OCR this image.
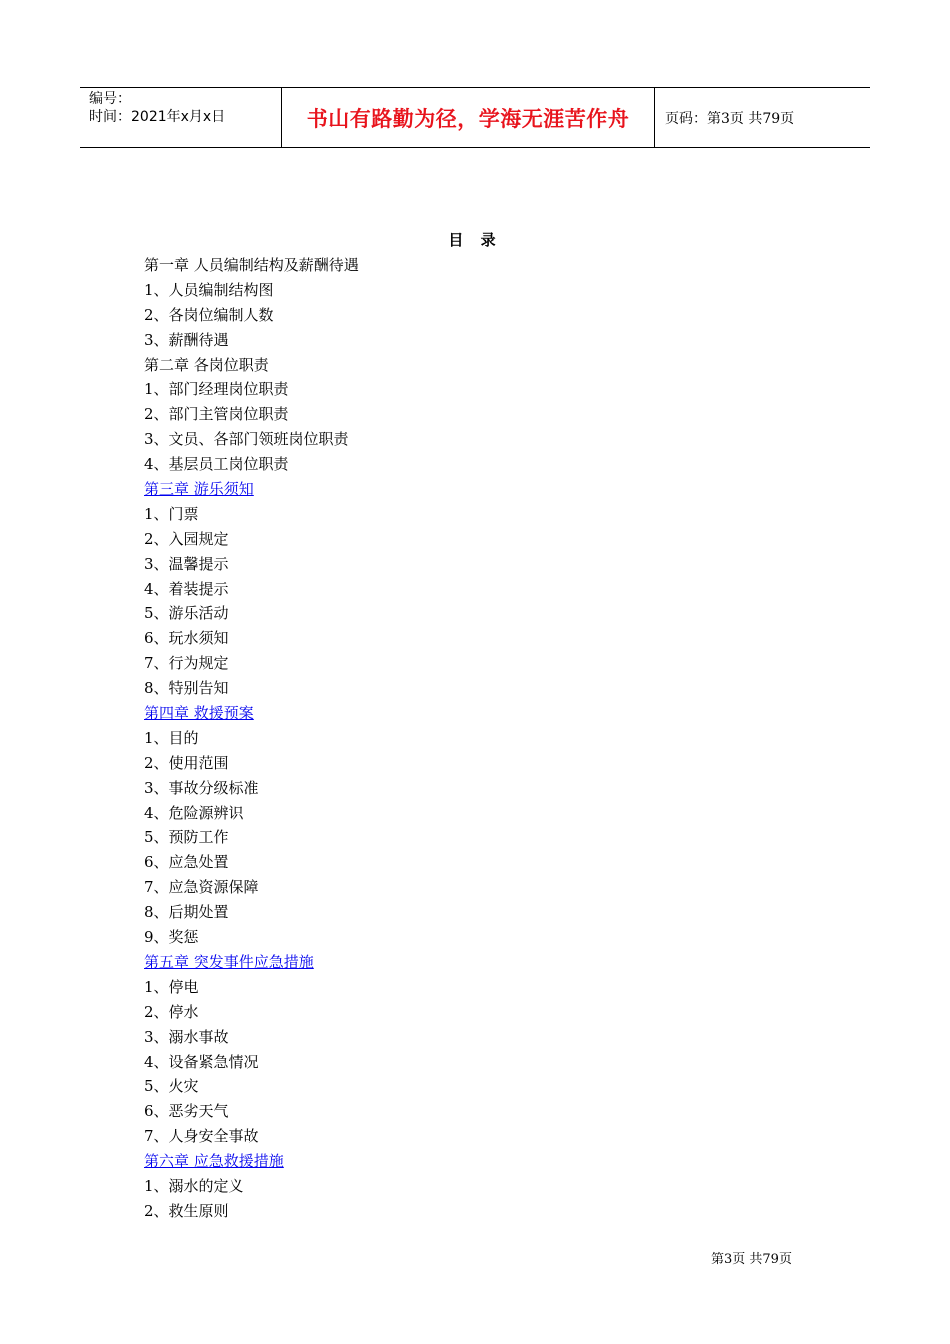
编号：
时间：2021年x月x日	书山有路勤为径，学海无涯苦作舟	页码：第3页 共79页
目 录
第一章 人员编制结构及薪酬待遇
1、人员编制结构图
2、各岗位编制人数
3、薪酬待遇
第二章 各岗位职责
1、部门经理岗位职责
2、部门主管岗位职责
3、文员、各部门领班岗位职责
4、基层员工岗位职责
第三章 游乐须知
1、门票
2、入园规定
3、温馨提示
4、着装提示
5、游乐活动
6、玩水须知
7、行为规定
8、特别告知
第四章 救援预案
1、目的
2、使用范围
3、事故分级标准
4、危险源辨识
5、预防工作
6、应急处置
7、应急资源保障
8、后期处置
9、奖惩
第五章 突发事件应急措施
1、停电
2、停水
3、溺水事故
4、设备紧急情况
5、火灾
6、恶劣天气
7、人身安全事故
第六章 应急救援措施
1、溺水的定义
2、救生原则
第3页 共79页
